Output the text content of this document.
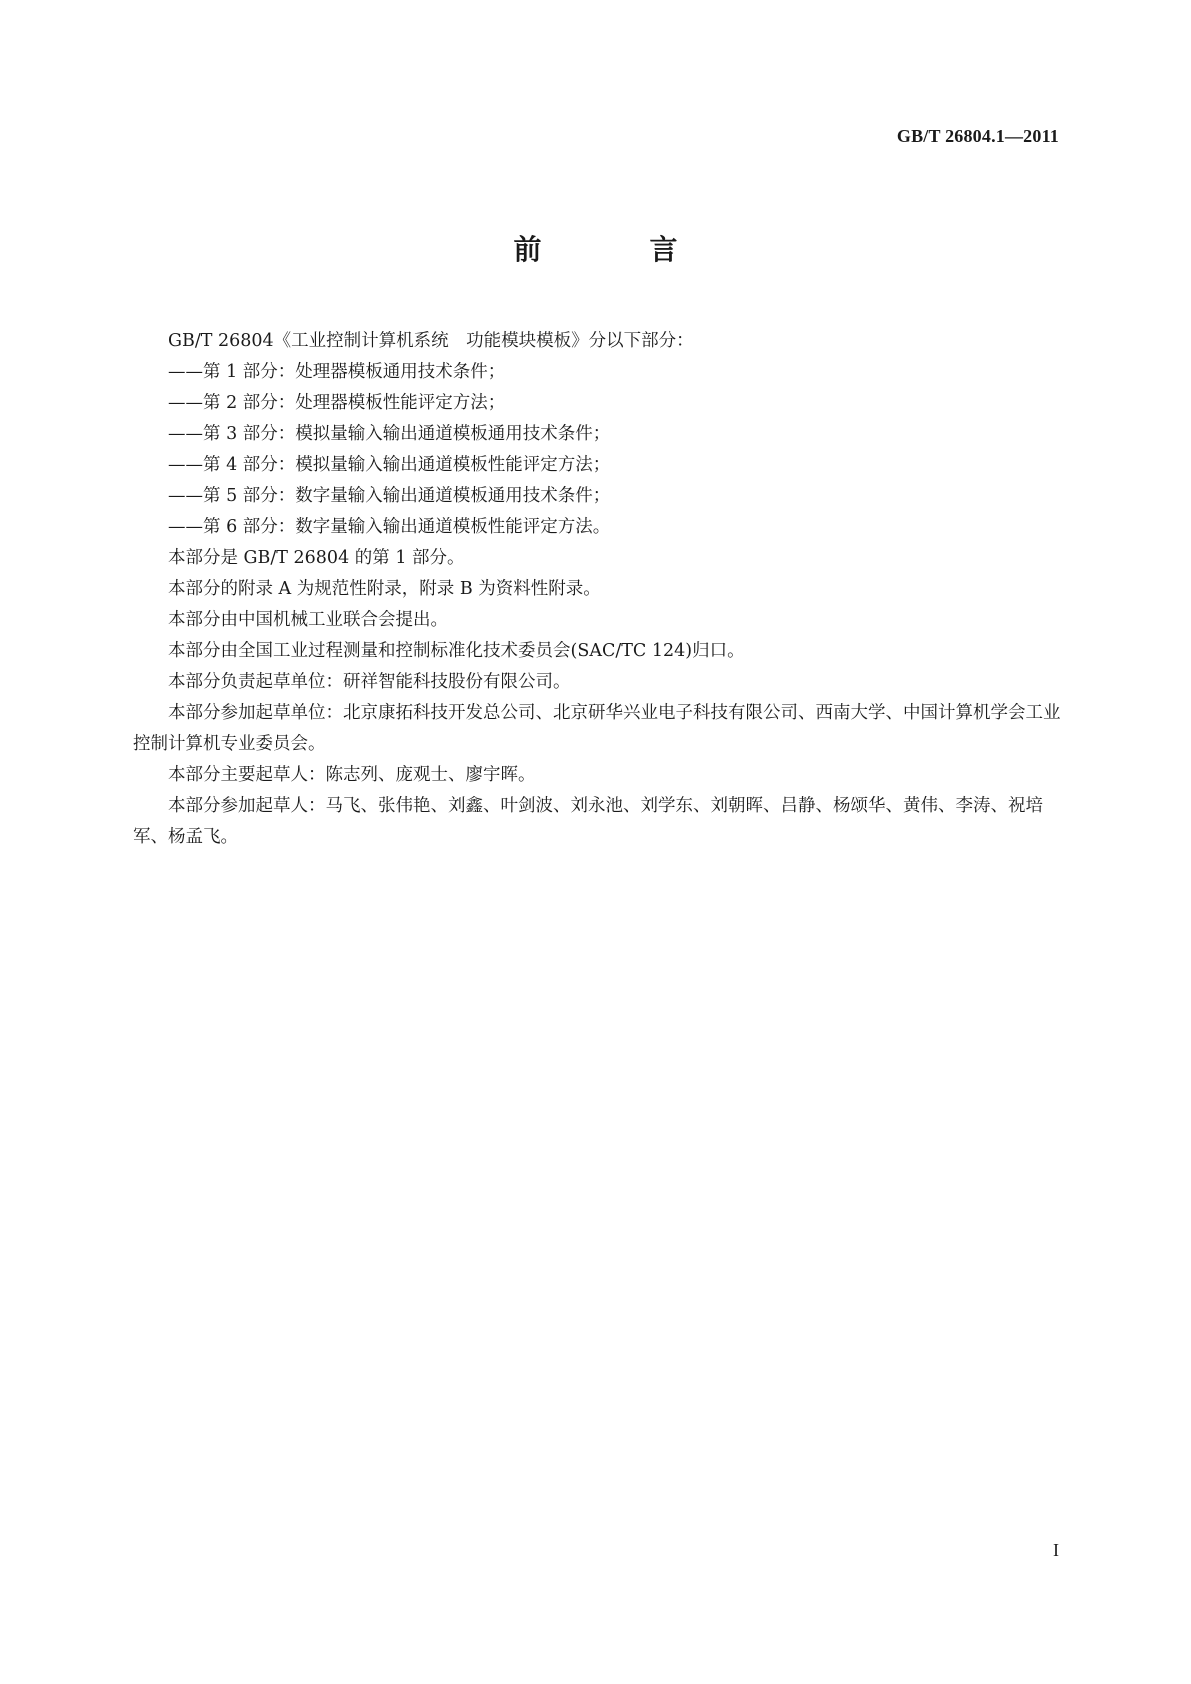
GB/T 26804.1—2011
前　言

GB/T 26804《工业控制计算机系统　功能模块模板》分以下部分：

——第 1 部分：处理器模板通用技术条件；

——第 2 部分：处理器模板性能评定方法；

——第 3 部分：模拟量输入输出通道模板通用技术条件；

——第 4 部分：模拟量输入输出通道模板性能评定方法；

——第 5 部分：数字量输入输出通道模板通用技术条件；

——第 6 部分：数字量输入输出通道模板性能评定方法。

本部分是 GB/T 26804 的第 1 部分。

本部分的附录 A 为规范性附录，附录 B 为资料性附录。

本部分由中国机械工业联合会提出。

本部分由全国工业过程测量和控制标准化技术委员会(SAC/TC 124)归口。

本部分负责起草单位：研祥智能科技股份有限公司。

本部分参加起草单位：北京康拓科技开发总公司、北京研华兴业电子科技有限公司、西南大学、中国计算机学会工业控制计算机专业委员会。

本部分主要起草人：陈志列、庞观士、廖宇晖。

本部分参加起草人：马飞、张伟艳、刘鑫、叶剑波、刘永池、刘学东、刘朝晖、吕静、杨颂华、黄伟、李涛、祝培军、杨孟飞。

I
